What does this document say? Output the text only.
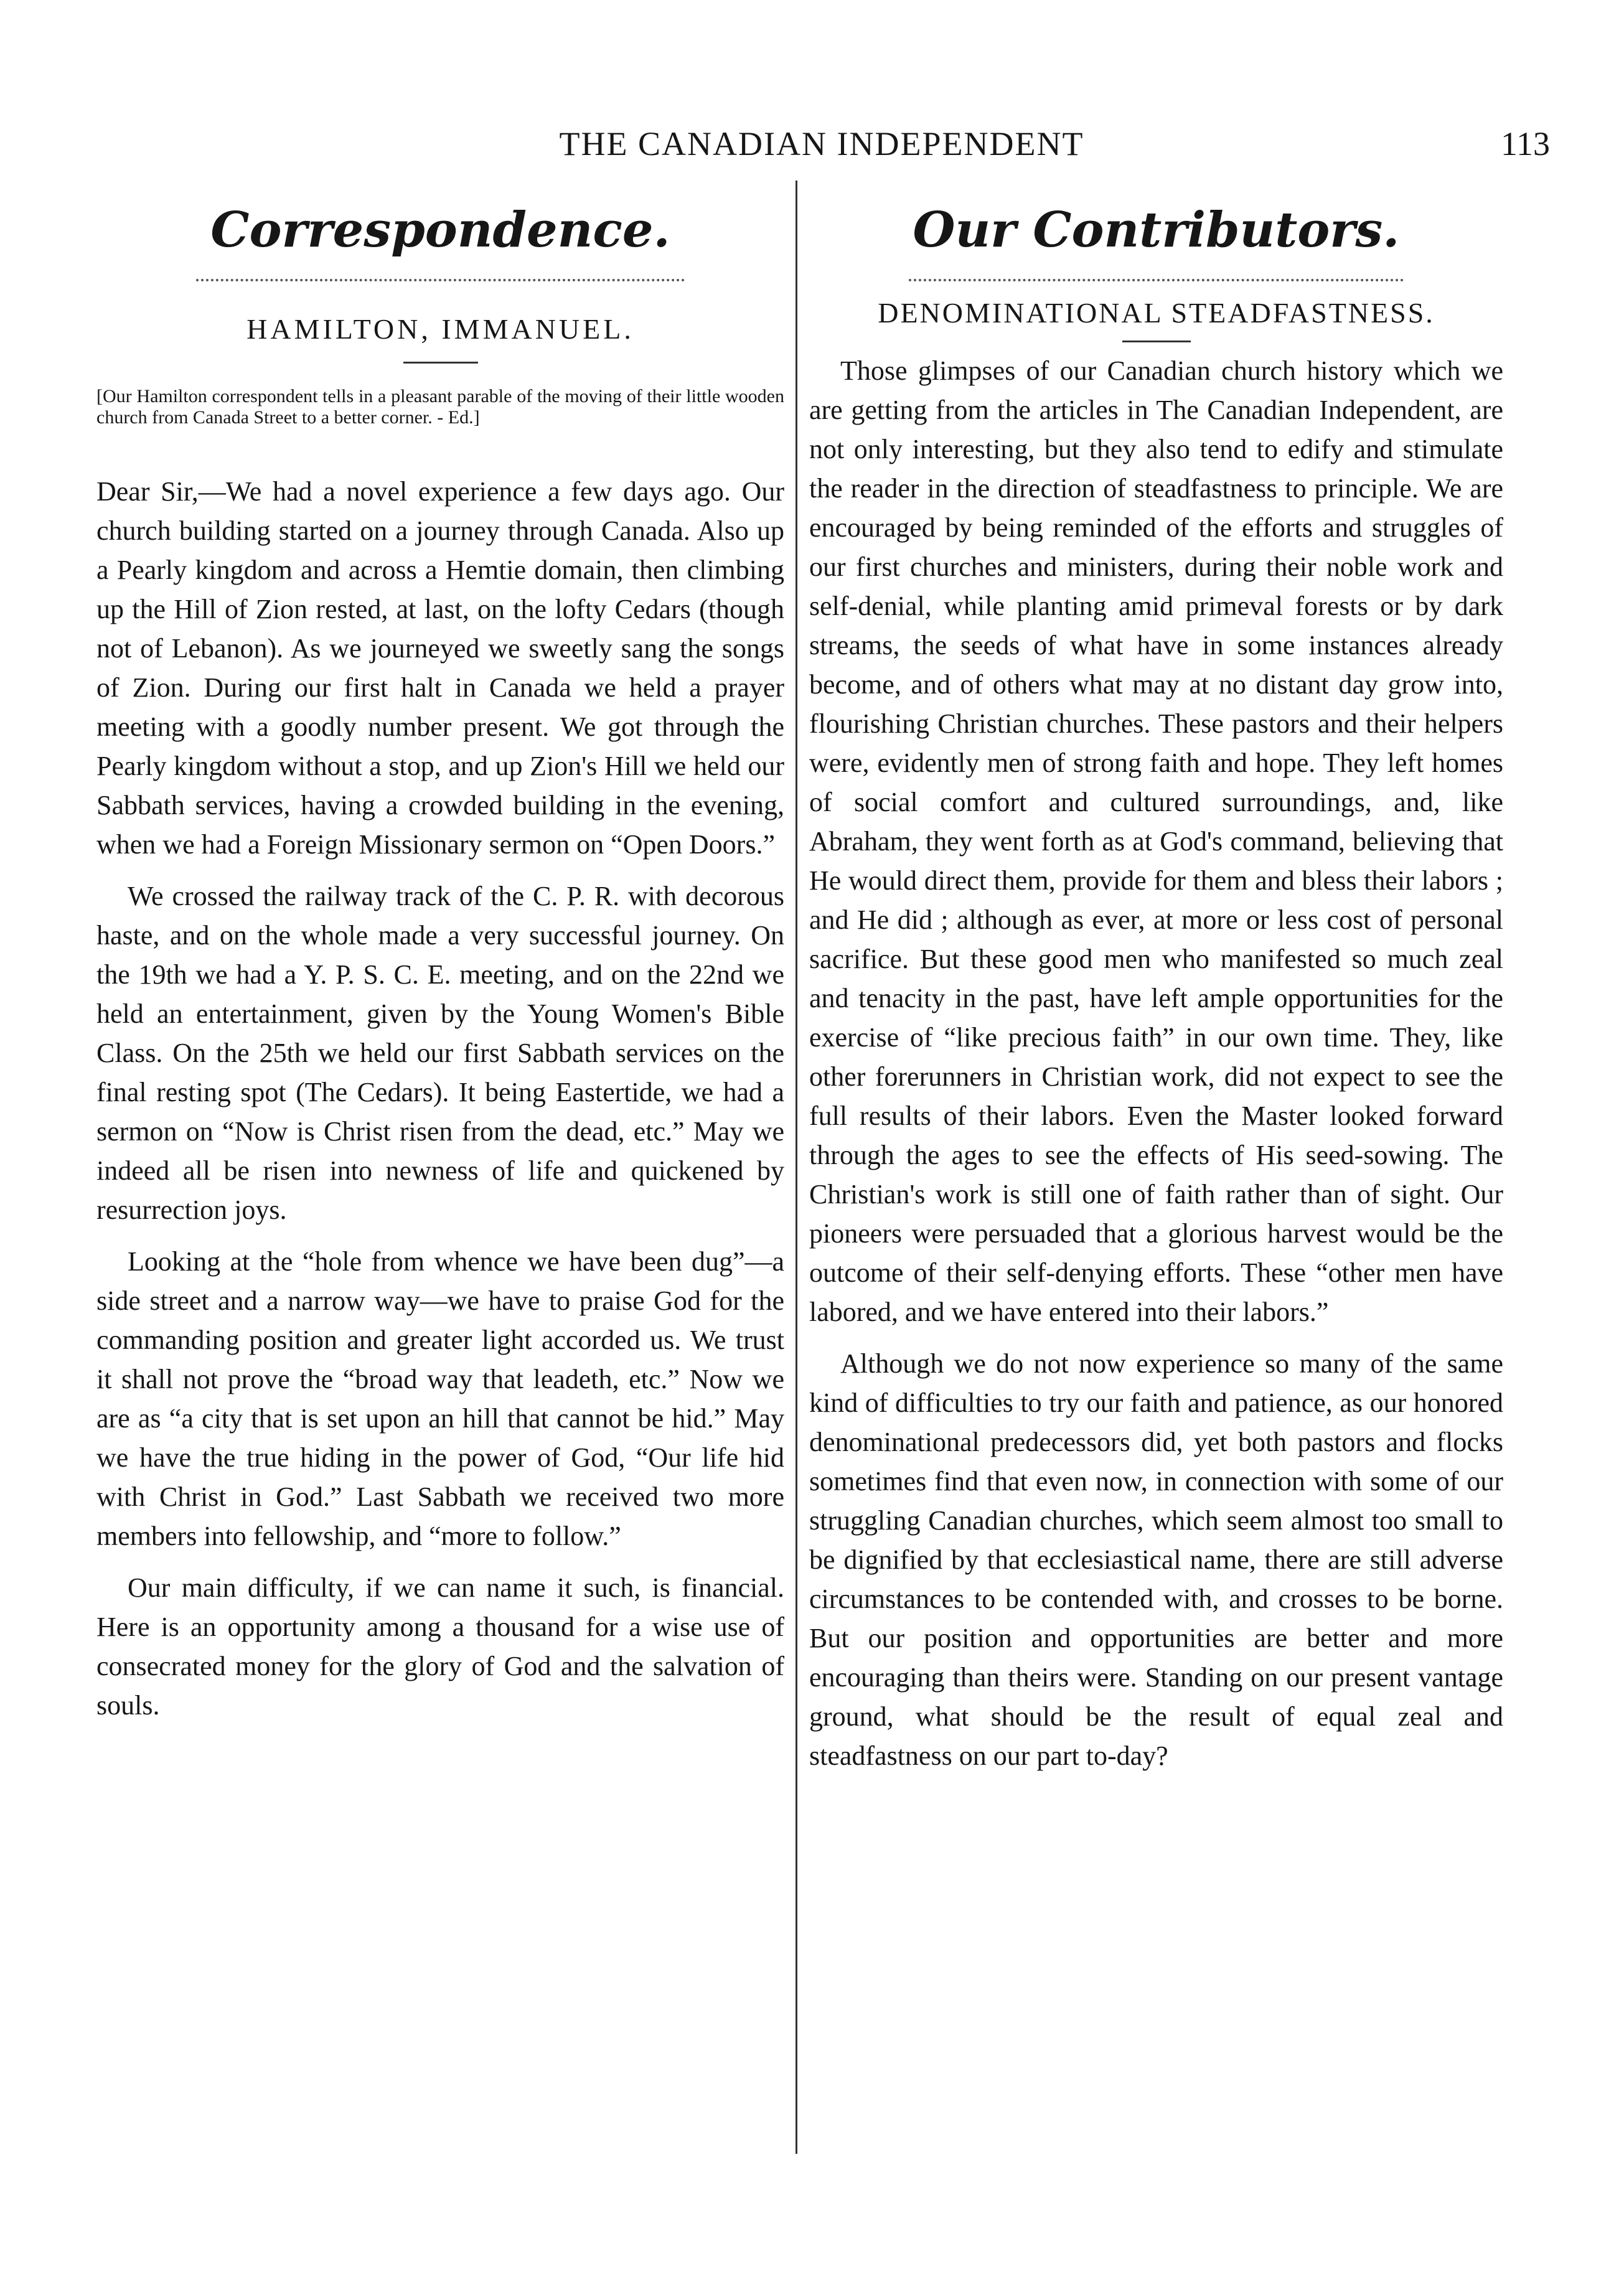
THE CANADIAN INDEPENDENT	113
Correspondence.
HAMILTON, IMMANUEL.
[Our Hamilton correspondent tells in a pleasant parable of the moving of their little wooden church from Canada Street to a better corner. - Ed.]

Dear Sir,—We had a novel experience a few days ago. Our church building started on a journey through Canada. Also up a Pearly kingdom and across a Hemtie domain, then climbing up the Hill of Zion rested, at last, on the lofty Cedars (though not of Lebanon). As we journeyed we sweetly sang the songs of Zion. During our first halt in Canada we held a prayer meeting with a goodly number present. We got through the Pearly kingdom without a stop, and up Zion's Hill we held our Sabbath services, having a crowded building in the evening, when we had a Foreign Missionary sermon on “Open Doors.”

We crossed the railway track of the C. P. R. with decorous haste, and on the whole made a very successful journey. On the 19th we had a Y. P. S. C. E. meeting, and on the 22nd we held an entertainment, given by the Young Women's Bible Class. On the 25th we held our first Sabbath services on the final resting spot (The Cedars). It being Eastertide, we had a sermon on “Now is Christ risen from the dead, etc.” May we indeed all be risen into newness of life and quickened by resurrection joys.

Looking at the “hole from whence we have been dug”—a side street and a narrow way—we have to praise God for the commanding position and greater light accorded us. We trust it shall not prove the “broad way that leadeth, etc.” Now we are as “a city that is set upon an hill that cannot be hid.” May we have the true hiding in the power of God, “Our life hid with Christ in God.” Last Sabbath we received two more members into fellowship, and “more to follow.”

Our main difficulty, if we can name it such, is financial. Here is an opportunity among a thousand for a wise use of consecrated money for the glory of God and the salvation of souls.

Our Contributors.
DENOMINATIONAL STEADFASTNESS.

Those glimpses of our Canadian church history which we are getting from the articles in The Canadian Independent, are not only interesting, but they also tend to edify and stimulate the reader in the direction of steadfastness to principle. We are encouraged by being reminded of the efforts and struggles of our first churches and ministers, during their noble work and self-denial, while planting amid primeval forests or by dark streams, the seeds of what have in some instances already become, and of others what may at no distant day grow into, flourishing Christian churches. These pastors and their helpers were, evidently men of strong faith and hope. They left homes of social comfort and cultured surroundings, and, like Abraham, they went forth as at God's command, believing that He would direct them, provide for them and bless their labors ; and He did ; although as ever, at more or less cost of personal sacrifice. But these good men who manifested so much zeal and tenacity in the past, have left ample opportunities for the exercise of “like precious faith” in our own time. They, like other forerunners in Christian work, did not expect to see the full results of their labors. Even the Master looked forward through the ages to see the effects of His seed-sowing. The Christian's work is still one of faith rather than of sight. Our pioneers were persuaded that a glorious harvest would be the outcome of their self-denying efforts. These “other men have labored, and we have entered into their labors.”

Although we do not now experience so many of the same kind of difficulties to try our faith and patience, as our honored denominational predecessors did, yet both pastors and flocks sometimes find that even now, in connection with some of our struggling Canadian churches, which seem almost too small to be dignified by that ecclesiastical name, there are still adverse circumstances to be contended with, and crosses to be borne. But our position and opportunities are better and more encouraging than theirs were. Standing on our present vantage ground, what should be the result of equal zeal and steadfastness on our part to-day?
